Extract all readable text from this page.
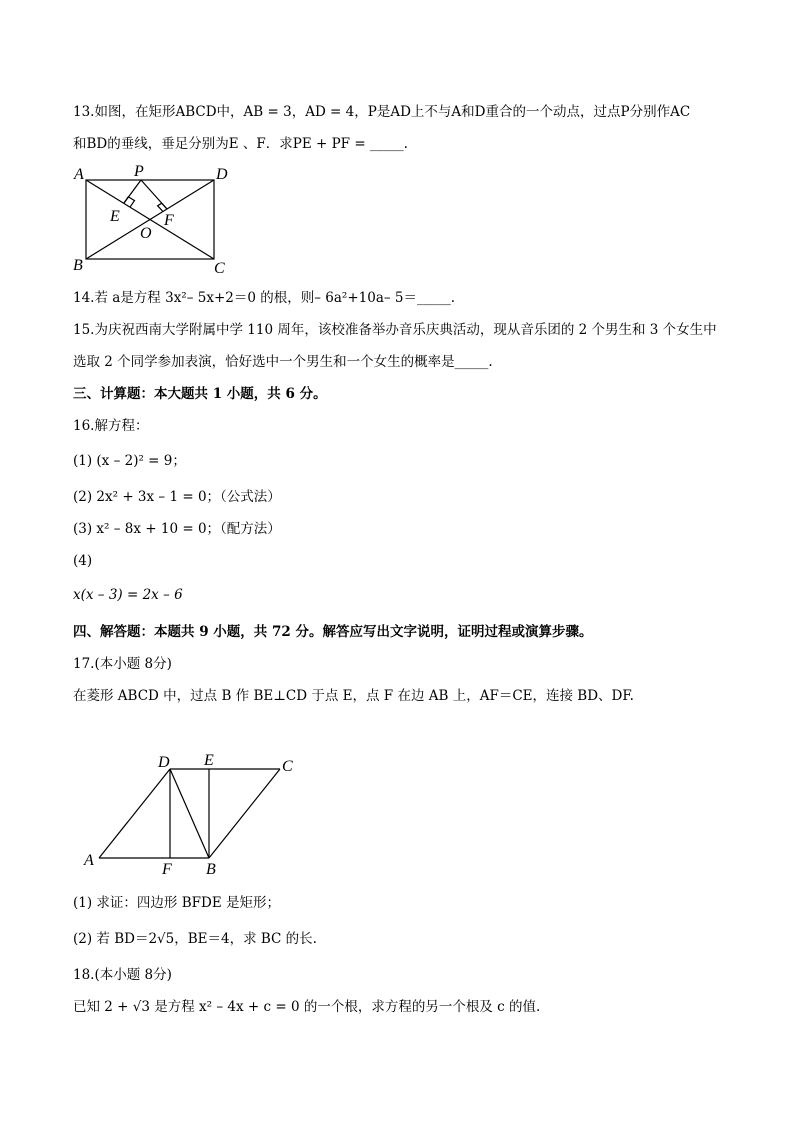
13.如图，在矩形ABCD中，AB = 3，AD = 4，P是AD上不与A和D重合的一个动点，过点P分别作AC
和BD的垂线，垂足分别为E 、F．求PE + PF = _____.
A	P	D
E	F
O
B	C
14.若 a是方程 3x²– 5x+2＝0 的根，则– 6a²+10a– 5＝_____.
15.为庆祝西南大学附属中学 110 周年，该校准备举办音乐庆典活动，现从音乐团的 2 个男生和 3 个女生中
选取 2 个同学参加表演，恰好选中一个男生和一个女生的概率是_____.
三、计算题：本大题共 1 小题，共 6 分。
16.解方程：
(1) (x – 2)² = 9；
(2) 2x² + 3x – 1 = 0；（公式法）
(3) x² – 8x + 10 = 0；（配方法）
(4)
x(x – 3) = 2x – 6
四、解答题：本题共 9 小题，共 72 分。解答应写出文字说明，证明过程或演算步骤。
17.(本小题 8分)
在菱形 ABCD 中，过点 B 作 BE⊥CD 于点 E，点 F 在边 AB 上，AF＝CE，连接 BD、DF.
D E	C
A
F B
(1) 求证：四边形 BFDE 是矩形；
(2) 若 BD＝2√5，BE＝4，求 BC 的长.
18.(本小题 8分)
已知 2 + √3 是方程 x² – 4x + c = 0 的一个根，求方程的另一个根及 c 的值.
